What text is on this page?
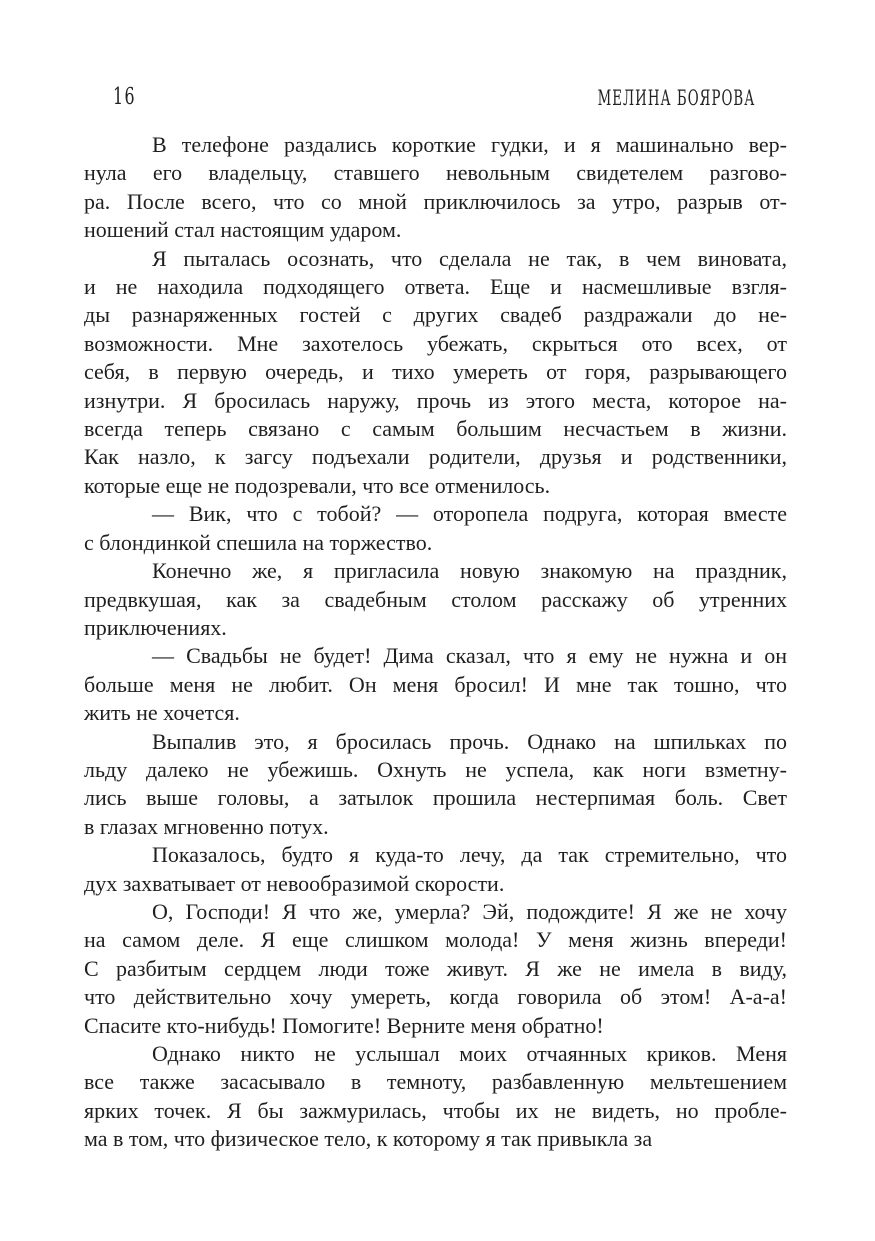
16	МЕЛИНА БОЯРОВА
В телефоне раздались короткие гудки, и я машинально вер-
нула его владельцу, ставшего невольным свидетелем разгово-
ра. После всего, что со мной приключилось за утро, разрыв от-
ношений стал настоящим ударом.
Я пыталась осознать, что сделала не так, в чем виновата,
и не находила подходящего ответа. Еще и насмешливые взгля-
ды разнаряженных гостей с других свадеб раздражали до не-
возможности. Мне захотелось убежать, скрыться ото всех, от
себя, в первую очередь, и тихо умереть от горя, разрывающего
изнутри. Я бросилась наружу, прочь из этого места, которое на-
всегда теперь связано с самым большим несчастьем в жизни.
Как назло, к загсу подъехали родители, друзья и родственники,
которые еще не подозревали, что все отменилось.
— Вик, что с тобой? — оторопела подруга, которая вместе
с блондинкой спешила на торжество.
Конечно же, я пригласила новую знакомую на праздник,
предвкушая, как за свадебным столом расскажу об утренних
приключениях.
— Свадьбы не будет! Дима сказал, что я ему не нужна и он
больше меня не любит. Он меня бросил! И мне так тошно, что
жить не хочется.
Выпалив это, я бросилась прочь. Однако на шпильках по
льду далеко не убежишь. Охнуть не успела, как ноги взметну-
лись выше головы, а затылок прошила нестерпимая боль. Свет
в глазах мгновенно потух.
Показалось, будто я куда-то лечу, да так стремительно, что
дух захватывает от невообразимой скорости.
О, Господи! Я что же, умерла? Эй, подождите! Я же не хочу
на самом деле. Я еще слишком молода! У меня жизнь впереди!
С разбитым сердцем люди тоже живут. Я же не имела в виду,
что действительно хочу умереть, когда говорила об этом! А-а-а!
Спасите кто-нибудь! Помогите! Верните меня обратно!
Однако никто не услышал моих отчаянных криков. Меня
все также засасывало в темноту, разбавленную мельтешением
ярких точек. Я бы зажмурилась, чтобы их не видеть, но пробле-
ма в том, что физическое тело, к которому я так привыкла за
